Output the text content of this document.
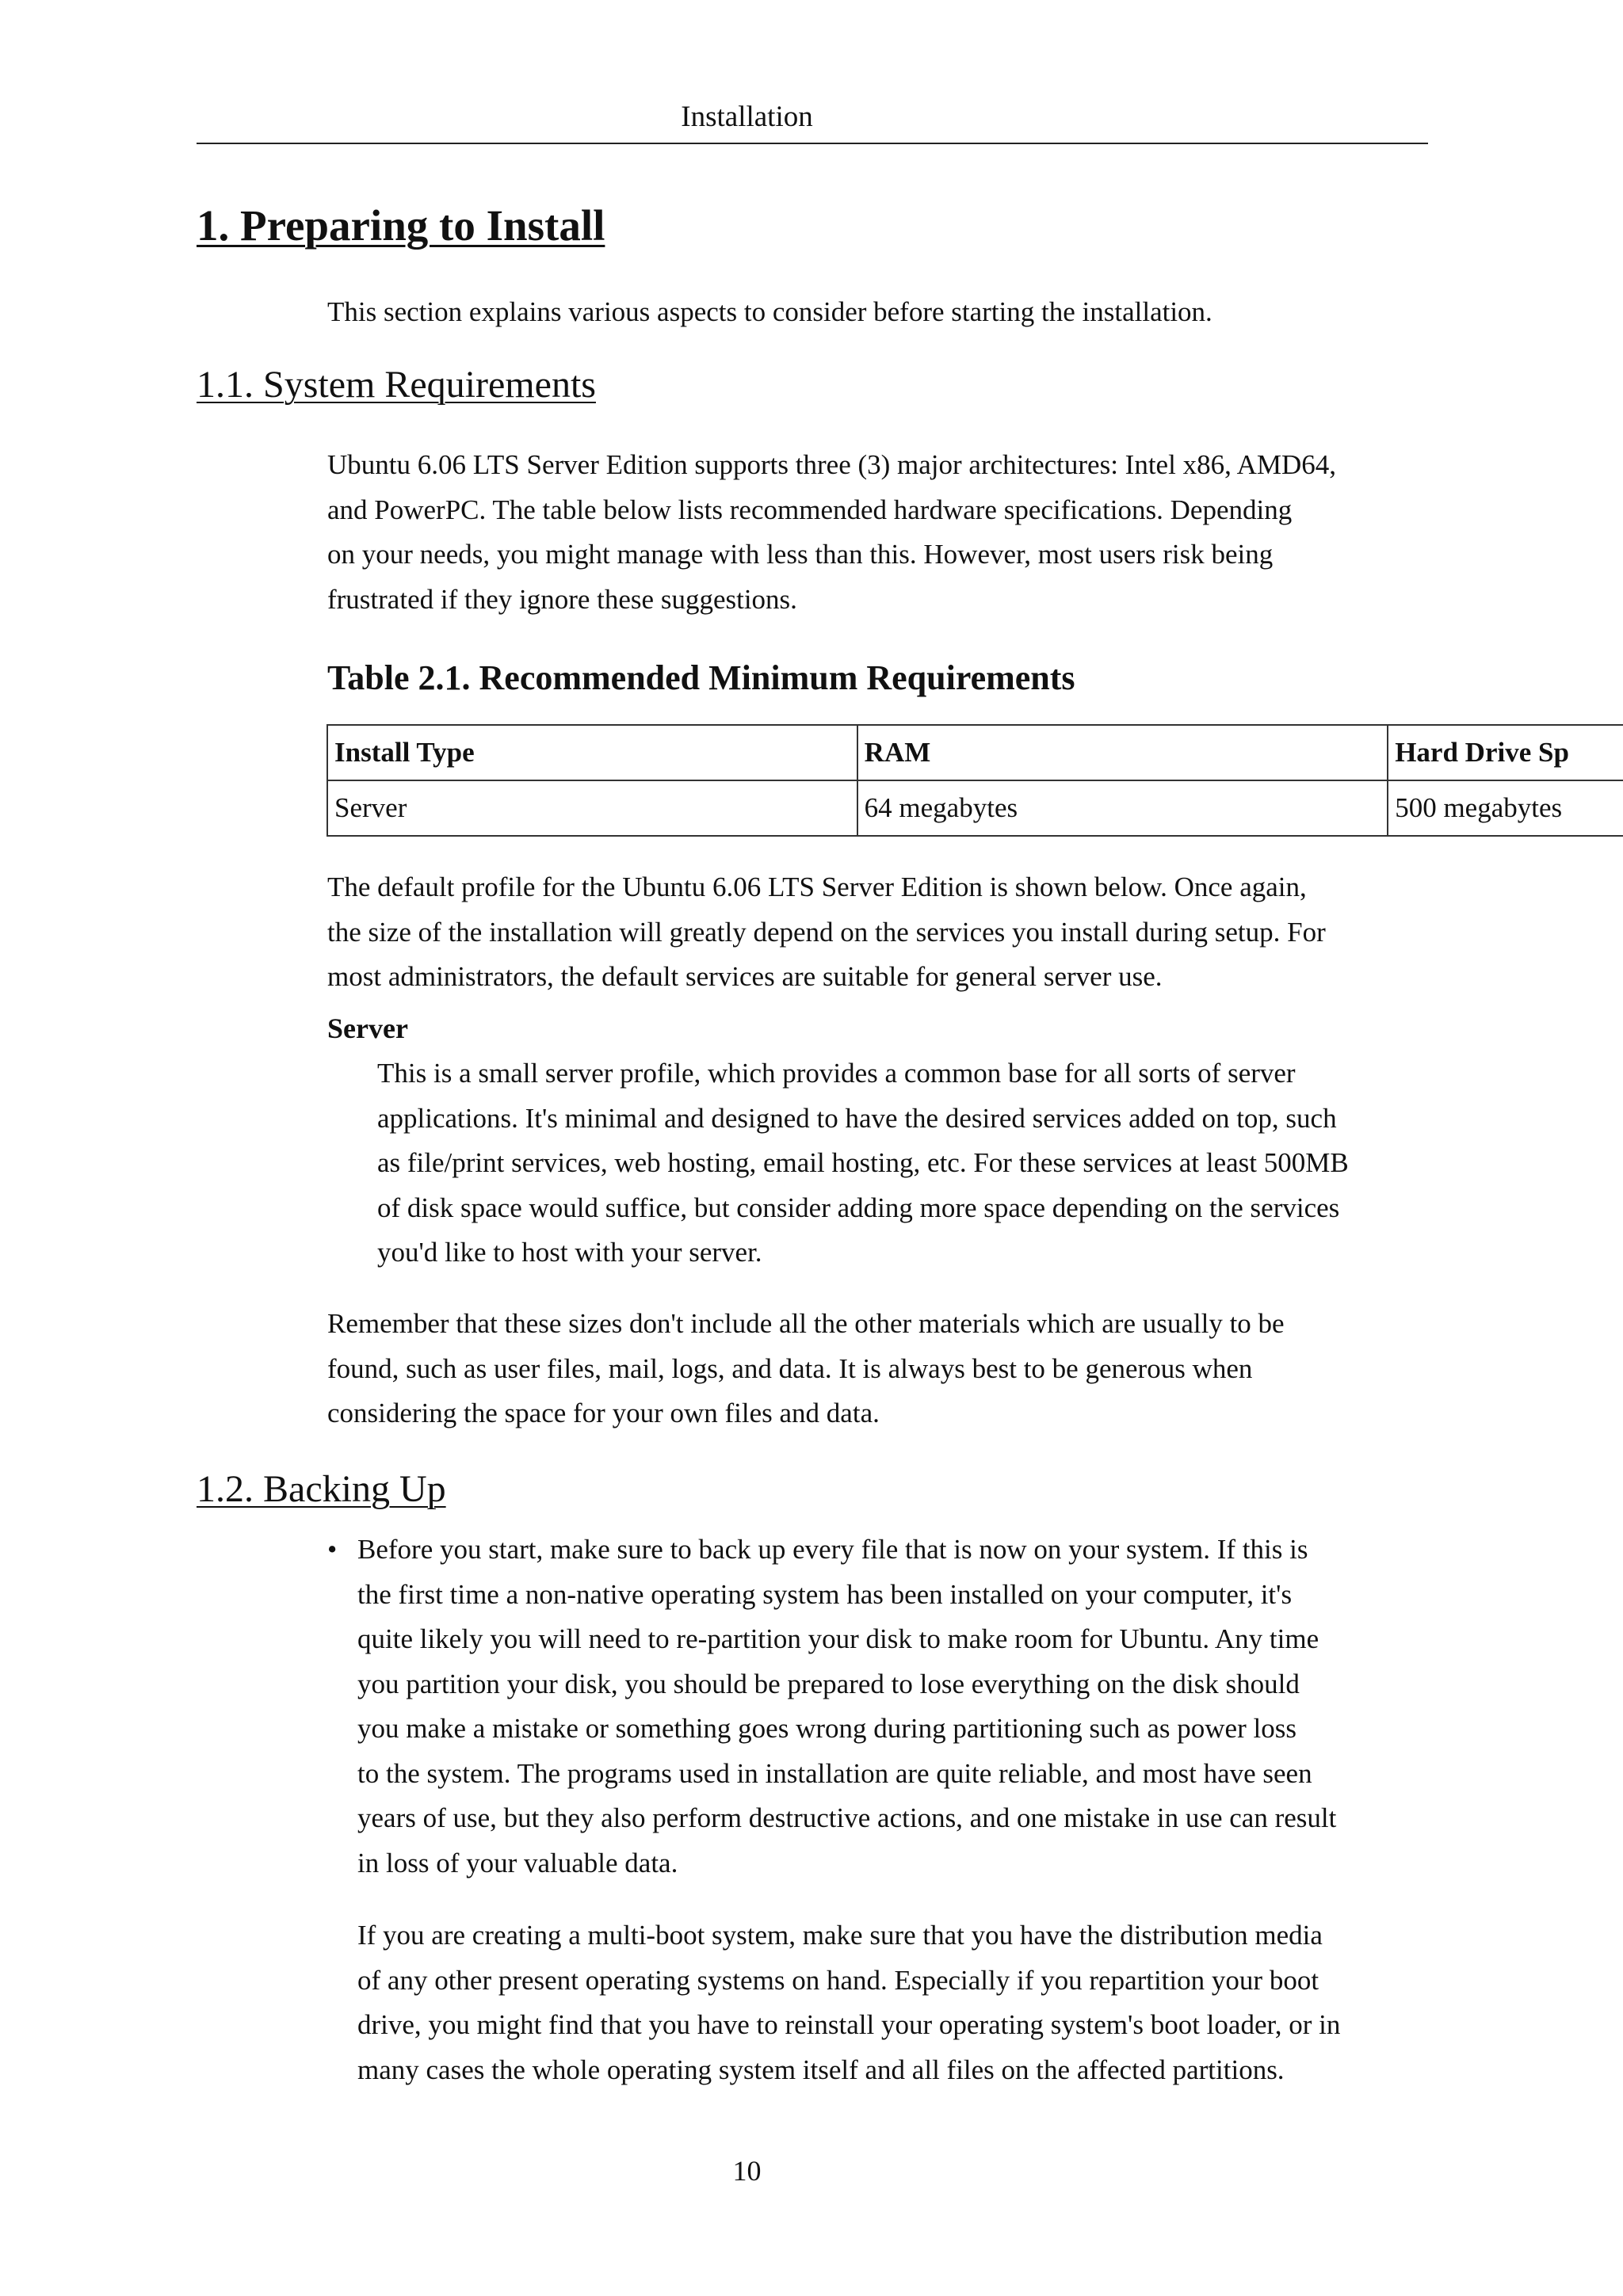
Installation
1. Preparing to Install
This section explains various aspects to consider before starting the installation.
1.1. System Requirements
Ubuntu 6.06 LTS Server Edition supports three (3) major architectures: Intel x86, AMD64,
and PowerPC. The table below lists recommended hardware specifications. Depending
on your needs, you might manage with less than this. However, most users risk being
frustrated if they ignore these suggestions.
Table 2.1. Recommended Minimum Requirements
Install Type	RAM	Hard Drive Sp
Server	64 megabytes	500 megabytes
The default profile for the Ubuntu 6.06 LTS Server Edition is shown below. Once again,
the size of the installation will greatly depend on the services you install during setup. For
most administrators, the default services are suitable for general server use.
Server
This is a small server profile, which provides a common base for all sorts of server
applications. It's minimal and designed to have the desired services added on top, such
as file/print services, web hosting, email hosting, etc. For these services at least 500MB
of disk space would suffice, but consider adding more space depending on the services
you'd like to host with your server.
Remember that these sizes don't include all the other materials which are usually to be
found, such as user files, mail, logs, and data. It is always best to be generous when
considering the space for your own files and data.
1.2. Backing Up
• Before you start, make sure to back up every file that is now on your system. If this is
the first time a non-native operating system has been installed on your computer, it's
quite likely you will need to re-partition your disk to make room for Ubuntu. Any time
you partition your disk, you should be prepared to lose everything on the disk should
you make a mistake or something goes wrong during partitioning such as power loss
to the system. The programs used in installation are quite reliable, and most have seen
years of use, but they also perform destructive actions, and one mistake in use can result
in loss of your valuable data.
If you are creating a multi-boot system, make sure that you have the distribution media
of any other present operating systems on hand. Especially if you repartition your boot
drive, you might find that you have to reinstall your operating system's boot loader, or in
many cases the whole operating system itself and all files on the affected partitions.
10
